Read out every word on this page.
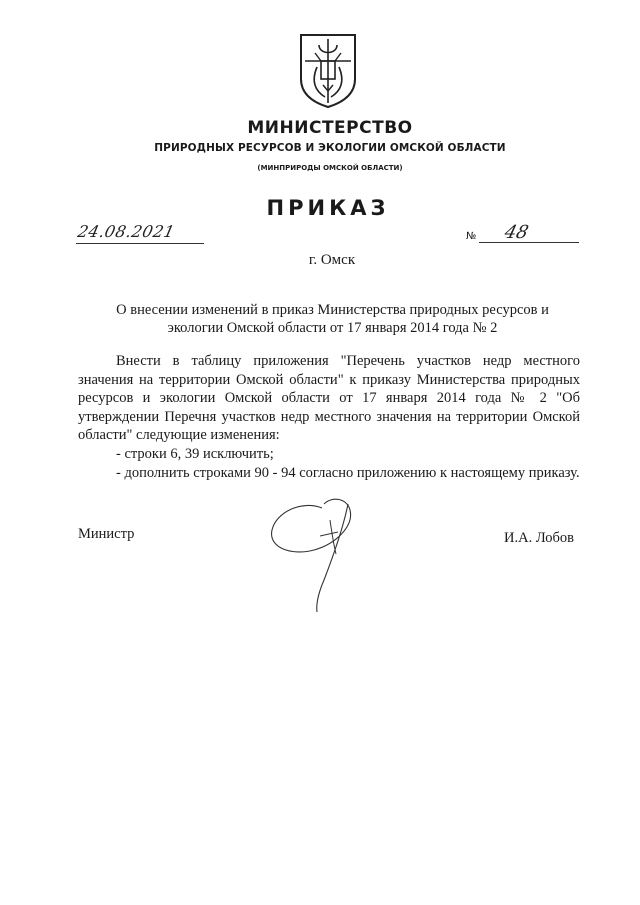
МИНИСТЕРСТВО
ПРИРОДНЫХ РЕСУРСОВ И ЭКОЛОГИИ ОМСКОЙ ОБЛАСТИ
(МИНПРИРОДЫ ОМСКОЙ ОБЛАСТИ)
ПРИКАЗ
24.08.2021	№ 48
г. Омск
О внесении изменений в приказ Министерства природных ресурсов и экологии Омской области от 17 января 2014 года № 2

Внести в таблицу приложения "Перечень участков недр местного значения на территории Омской области" к приказу Министерства природных ресурсов и экологии Омской области от 17 января 2014 года № 2 "Об утверждении Перечня участков недр местного значения на территории Омской области" следующие изменения:

- строки 6, 39 исключить;

- дополнить строками 90 - 94 согласно приложению к настоящему приказу.

Министр	И.А. Лобов
